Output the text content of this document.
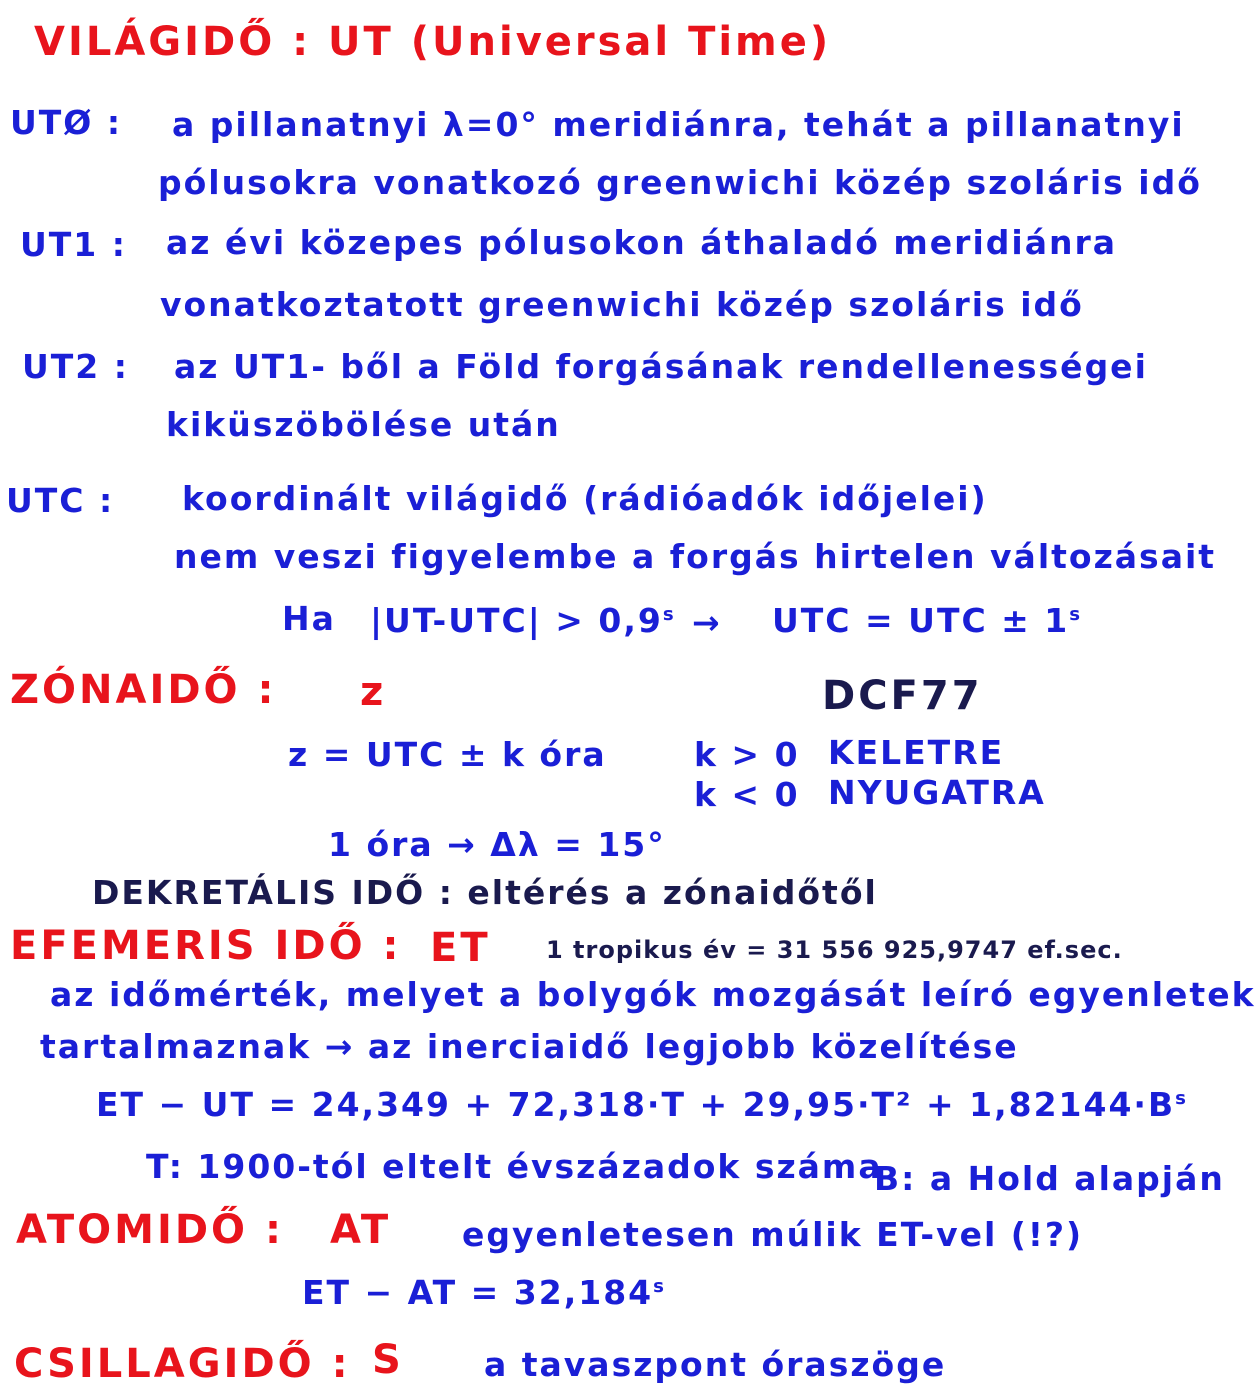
VILÁGIDŐ : UT (Universal Time)
UTØ : a pillanatnyi λ=0° meridiánra, tehát a pillanatnyi
pólusokra vonatkozó greenwichi közép szoláris idő
UT1 : az évi közepes pólusokon áthaladó meridiánra
vonatkoztatott greenwichi közép szoláris idő
UT2 : az UT1- ből a Föld forgásának rendellenességei
kiküszöbölése után
UTC : koordinált világidő (rádióadók időjelei)
nem veszi figyelembe a forgás hirtelen változásait
Ha $|UT-UTC| > 0,9^s$ → UTC = UTC ± $1^s$
ZÓNAIDŐ : z	DCF77
z = UTC ± k óra	k > 0 KELETRE
k < 0 NYUGATRA
1 óra → Δλ = 15°
DEKRETÁLIS IDŐ : eltérés a zónaidőtől
EFEMERIS IDŐ : ET 1 tropikus év = 31 556 925,9747 ef.sec.
az időmérték, melyet a bolygók mozgását leíró egyenletek
tartalmaznak → az inerciaidő legjobb közelítése
ET − UT = $24,349 + 72,318\cdot T + 29,95\cdot T^2 + 1,82144\cdot B^s$
T: 1900-tól eltelt évszázadok száma
B: a Hold alapján
ATOMIDŐ : AT egyenletesen múlik ET-vel (!?)
ET − AT = $32,184^s$
CSILLAGIDŐ : S a tavaszpont óraszöge
